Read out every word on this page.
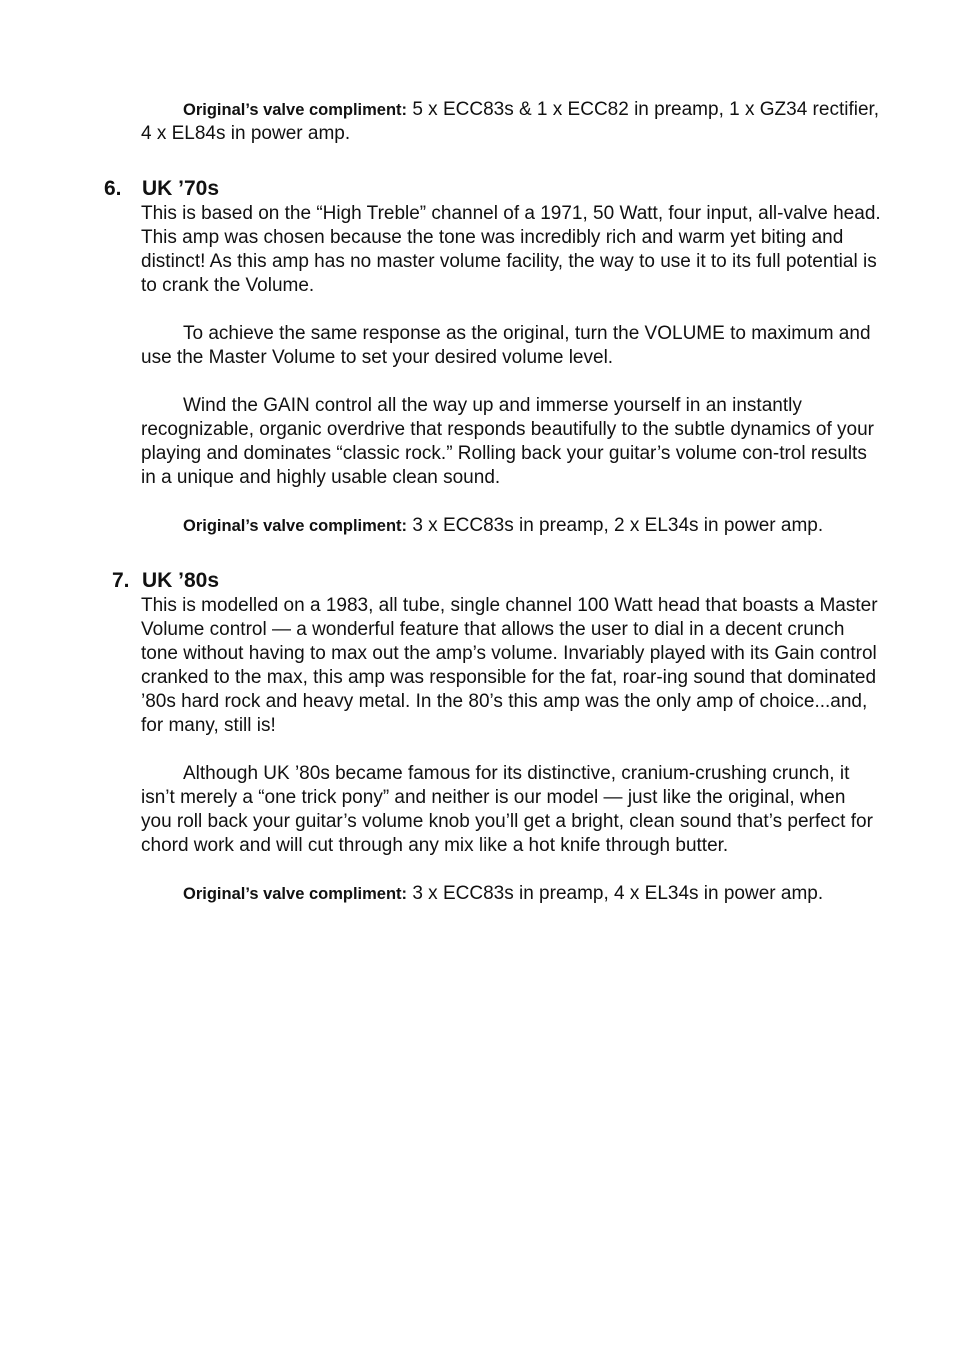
Original’s valve compliment: 5 x ECC83s & 1 x ECC82 in preamp, 1 x GZ34 rectifier, 4 x EL84s in power amp.

6. UK ’70s

This is based on the “High Treble” channel of a 1971, 50 Watt, four input, all-valve head. This amp was chosen because the tone was incredibly rich and warm yet biting and distinct! As this amp has no master volume facility, the way to use it to its full potential is to crank the Volume.

To achieve the same response as the original, turn the VOLUME to maximum and use the Master Volume to set your desired volume level.

Wind the GAIN control all the way up and immerse yourself in an instantly recognizable, organic overdrive that responds beautifully to the subtle dynamics of your playing and dominates “classic rock.” Rolling back your guitar’s volume con-trol results in a unique and highly usable clean sound.

Original’s valve compliment: 3 x ECC83s in preamp, 2 x EL34s in power amp.

7. UK ’80s

This is modelled on a 1983, all tube, single channel 100 Watt head that boasts a Master Volume control — a wonderful feature that allows the user to dial in a decent crunch tone without having to max out the amp’s volume. Invariably played with its Gain control cranked to the max, this amp was responsible for the fat, roar-ing sound that dominated ’80s hard rock and heavy metal. In the 80’s this amp was the only amp of choice...and, for many, still is!

Although UK ’80s became famous for its distinctive, cranium-crushing crunch, it isn’t merely a “one trick pony” and neither is our model — just like the original, when you roll back your guitar’s volume knob you’ll get a bright, clean sound that’s perfect for chord work and will cut through any mix like a hot knife through butter.

Original’s valve compliment: 3 x ECC83s in preamp, 4 x EL34s in power amp.
